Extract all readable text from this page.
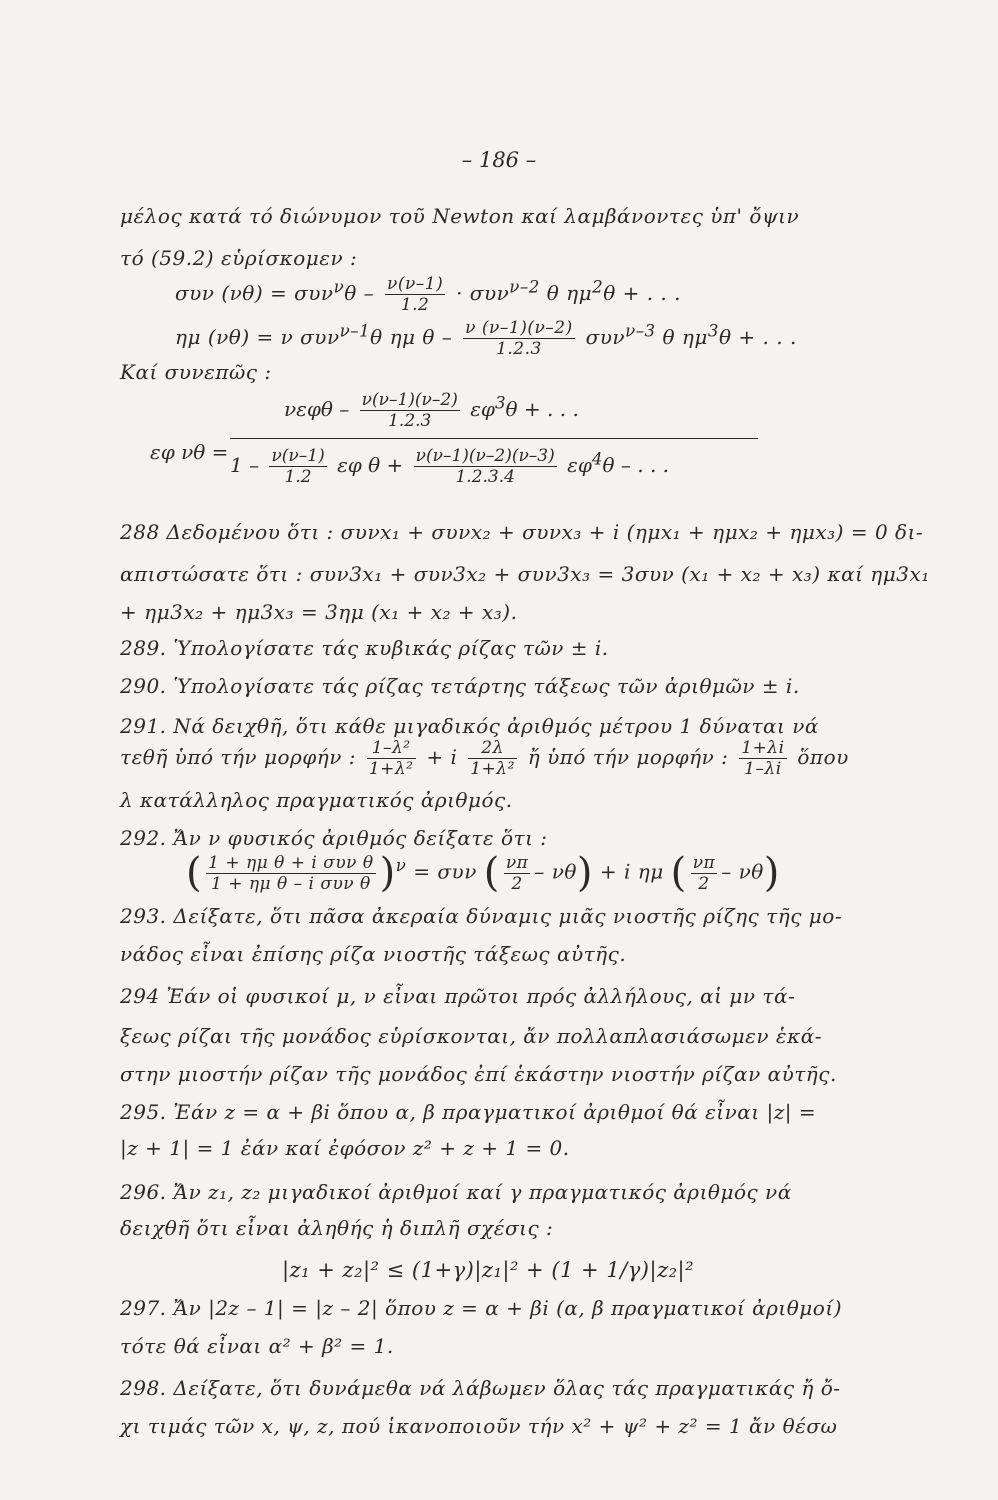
– 186 –
μέλος κατά τό διώνυμον τοῦ Newton καί λαμβάνοντες ὑπ' ὄψιν
τό (59.2) εὑρίσκομεν :
συν $(\nu\theta) = \sigma\upsilon\nu^\nu\theta - \frac{\nu(\nu-1)}{1.2} \cdot \sigma\upsilon\nu^{\nu-2}$ θ $\eta\mu^2\theta$ + . . .
ημ (νθ) = ν συν$^{\nu-1}$θ ημ θ – $\frac{\nu (\nu-1)(\nu-2)}{1.2.3} \sigma\upsilon\nu^{\nu-3}$ θ $\eta\mu^3\theta$ + . . .
Καί συνεπῶς :
εφ νθ =
νεφθ – $\frac{\nu(\nu-1)(\nu-2)}{1.2.3} \varepsilon\varphi^3\theta$ + . . .
$1 - \frac{\nu(\nu-1)}{1.2}$ εφ $\theta + \frac{\nu(\nu-1)(\nu-2)(\nu-3)}{1.2.3.4} \varepsilon\varphi^4\theta$ – . . .
288 Δεδομένου ὅτι : συνx₁ + συνx₂ + συνx₃ + i (ημx₁ + ημx₂ + ημx₃) = 0 δι-
απιστώσατε ὅτι : συν3x₁ + συν3x₂ + συν3x₃ = 3συν (x₁ + x₂ + x₃) καί ημ3x₁
+ ημ3x₂ + ημ3x₃ = 3ημ (x₁ + x₂ + x₃).
289. Ὑπολογίσατε τάς κυβικάς ρίζας τῶν ± i.
290. Ὑπολογίσατε τάς ρίζας τετάρτης τάξεως τῶν ἀριθμῶν ± i.
291. Νά δειχθῆ, ὅτι κάθε μιγαδικός ἀριθμός μέτρου 1 δύναται νά
τεθῆ ὑπό τήν μορφήν : $\frac{\text{1–λ²}}{\text{1+λ²}} + i \frac{2\lambda}{\text{1+λ²}}$ ἤ ὑπό τήν μορφήν : $\frac{1+\lambda i}{1-\lambda i}$ ὅπου
λ κατάλληλος πραγματικός ἀριθμός.
292. Ἄν ν φυσικός ἀριθμός δείξατε ὅτι :
( 1 + ημ θ + i συν θ
1 + ημ θ – i συν θ )$^\nu$ = συν ( $\frac{\nu\pi}{2} - \nu\theta) + i$ ημ ( $\frac{\nu\pi}{2} - \nu\theta$)
293. Δείξατε, ὅτι πᾶσα ἀκεραία δύναμις μιᾶς νιοστῆς ρίζης τῆς μο-
νάδος εἶναι ἐπίσης ρίζα νιοστῆς τάξεως αὐτῆς.
294 Ἐάν οἱ φυσικοί μ, ν εἶναι πρῶτοι πρός ἀλλήλους, αἱ μν τά-
ξεως ρίζαι τῆς μονάδος εὑρίσκονται, ἄν πολλαπλασιάσωμεν ἑκά-
στην μιοστήν ρίζαν τῆς μονάδος ἐπί ἑκάστην νιοστήν ρίζαν αὐτῆς.
295. Ἐάν z = α + βi ὅπου α, β πραγματικοί ἀριθμοί θά εἶναι |z| =
|z + 1| = 1 ἐάν καί ἐφόσον z² + z + 1 = 0.
296. Ἄν z₁, z₂ μιγαδικοί ἀριθμοί καί γ πραγματικός ἀριθμός νά
δειχθῆ ὅτι εἶναι ἀληθής ἡ διπλῆ σχέσις :
|z₁ + z₂|² ≤ (1+γ)|z₁|² + (1 + 1/γ)|z₂|²
297. Ἄν |2z – 1| = |z – 2| ὅπου z = α + βi (α, β πραγματικοί ἀριθμοί)
τότε θά εἶναι α² + β² = 1.
298. Δείξατε, ὅτι δυνάμεθα νά λάβωμεν ὅλας τάς πραγματικάς ἤ ὄ-
χι τιμάς τῶν x, ψ, z, πού ἱκανοποιοῦν τήν x² + ψ² + z² = 1 ἄν θέσω
